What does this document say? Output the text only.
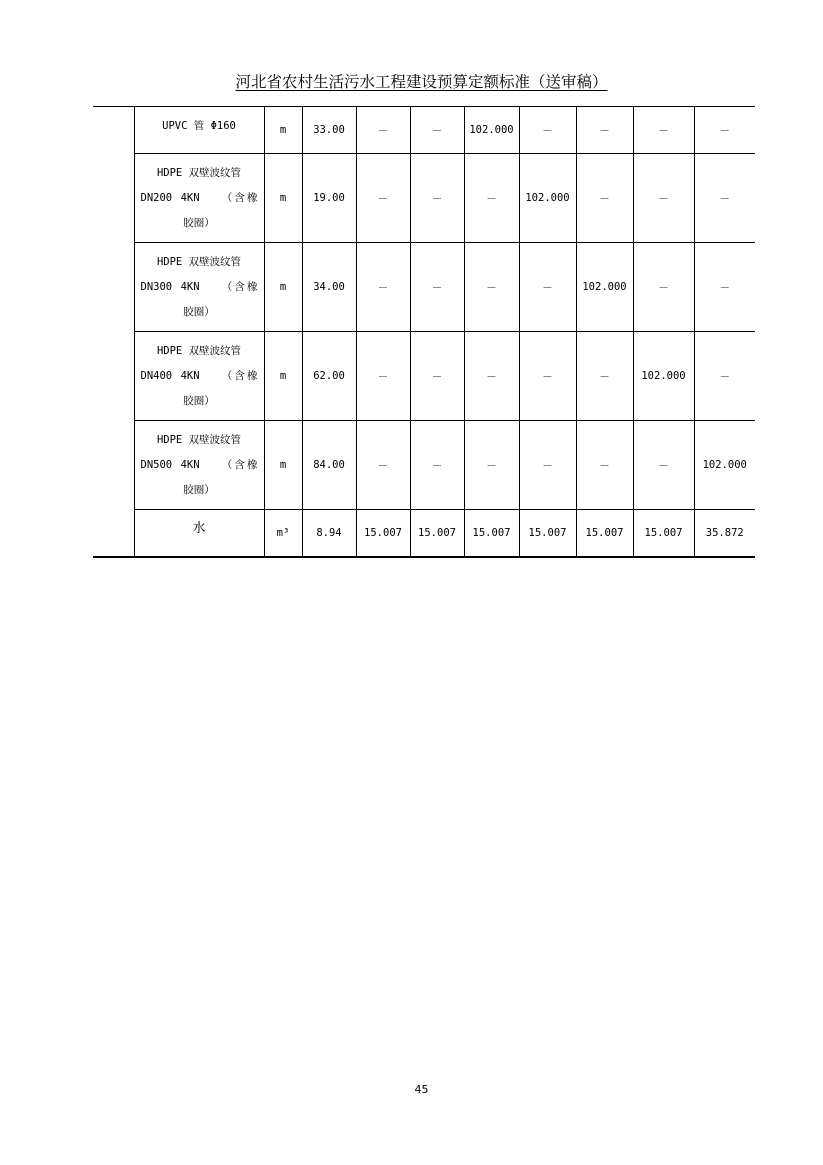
河北省农村生活污水工程建设预算定额标准（送审稿）

	UPVC 管 Φ160	m	33.00	－	－	102.000	－	－	－	－

	HDPE 双壁波纹管
DN200 4KN　　（含橡
胶圈）	m	19.00	－	－	－	102.000	－	－	－

	HDPE 双壁波纹管
DN300 4KN　　（含橡
胶圈）	m	34.00	－	－	－	－	102.000	－	－

	HDPE 双壁波纹管
DN400 4KN　　（含橡
胶圈）	m	62.00	－	－	－	－	－	102.000	－

	HDPE 双壁波纹管
DN500 4KN　　（含橡
胶圈）	m	84.00	－	－	－	－	－	－	102.000

	水	m³	8.94	15.007	15.007	15.007	15.007	15.007	15.007	35.872
45
